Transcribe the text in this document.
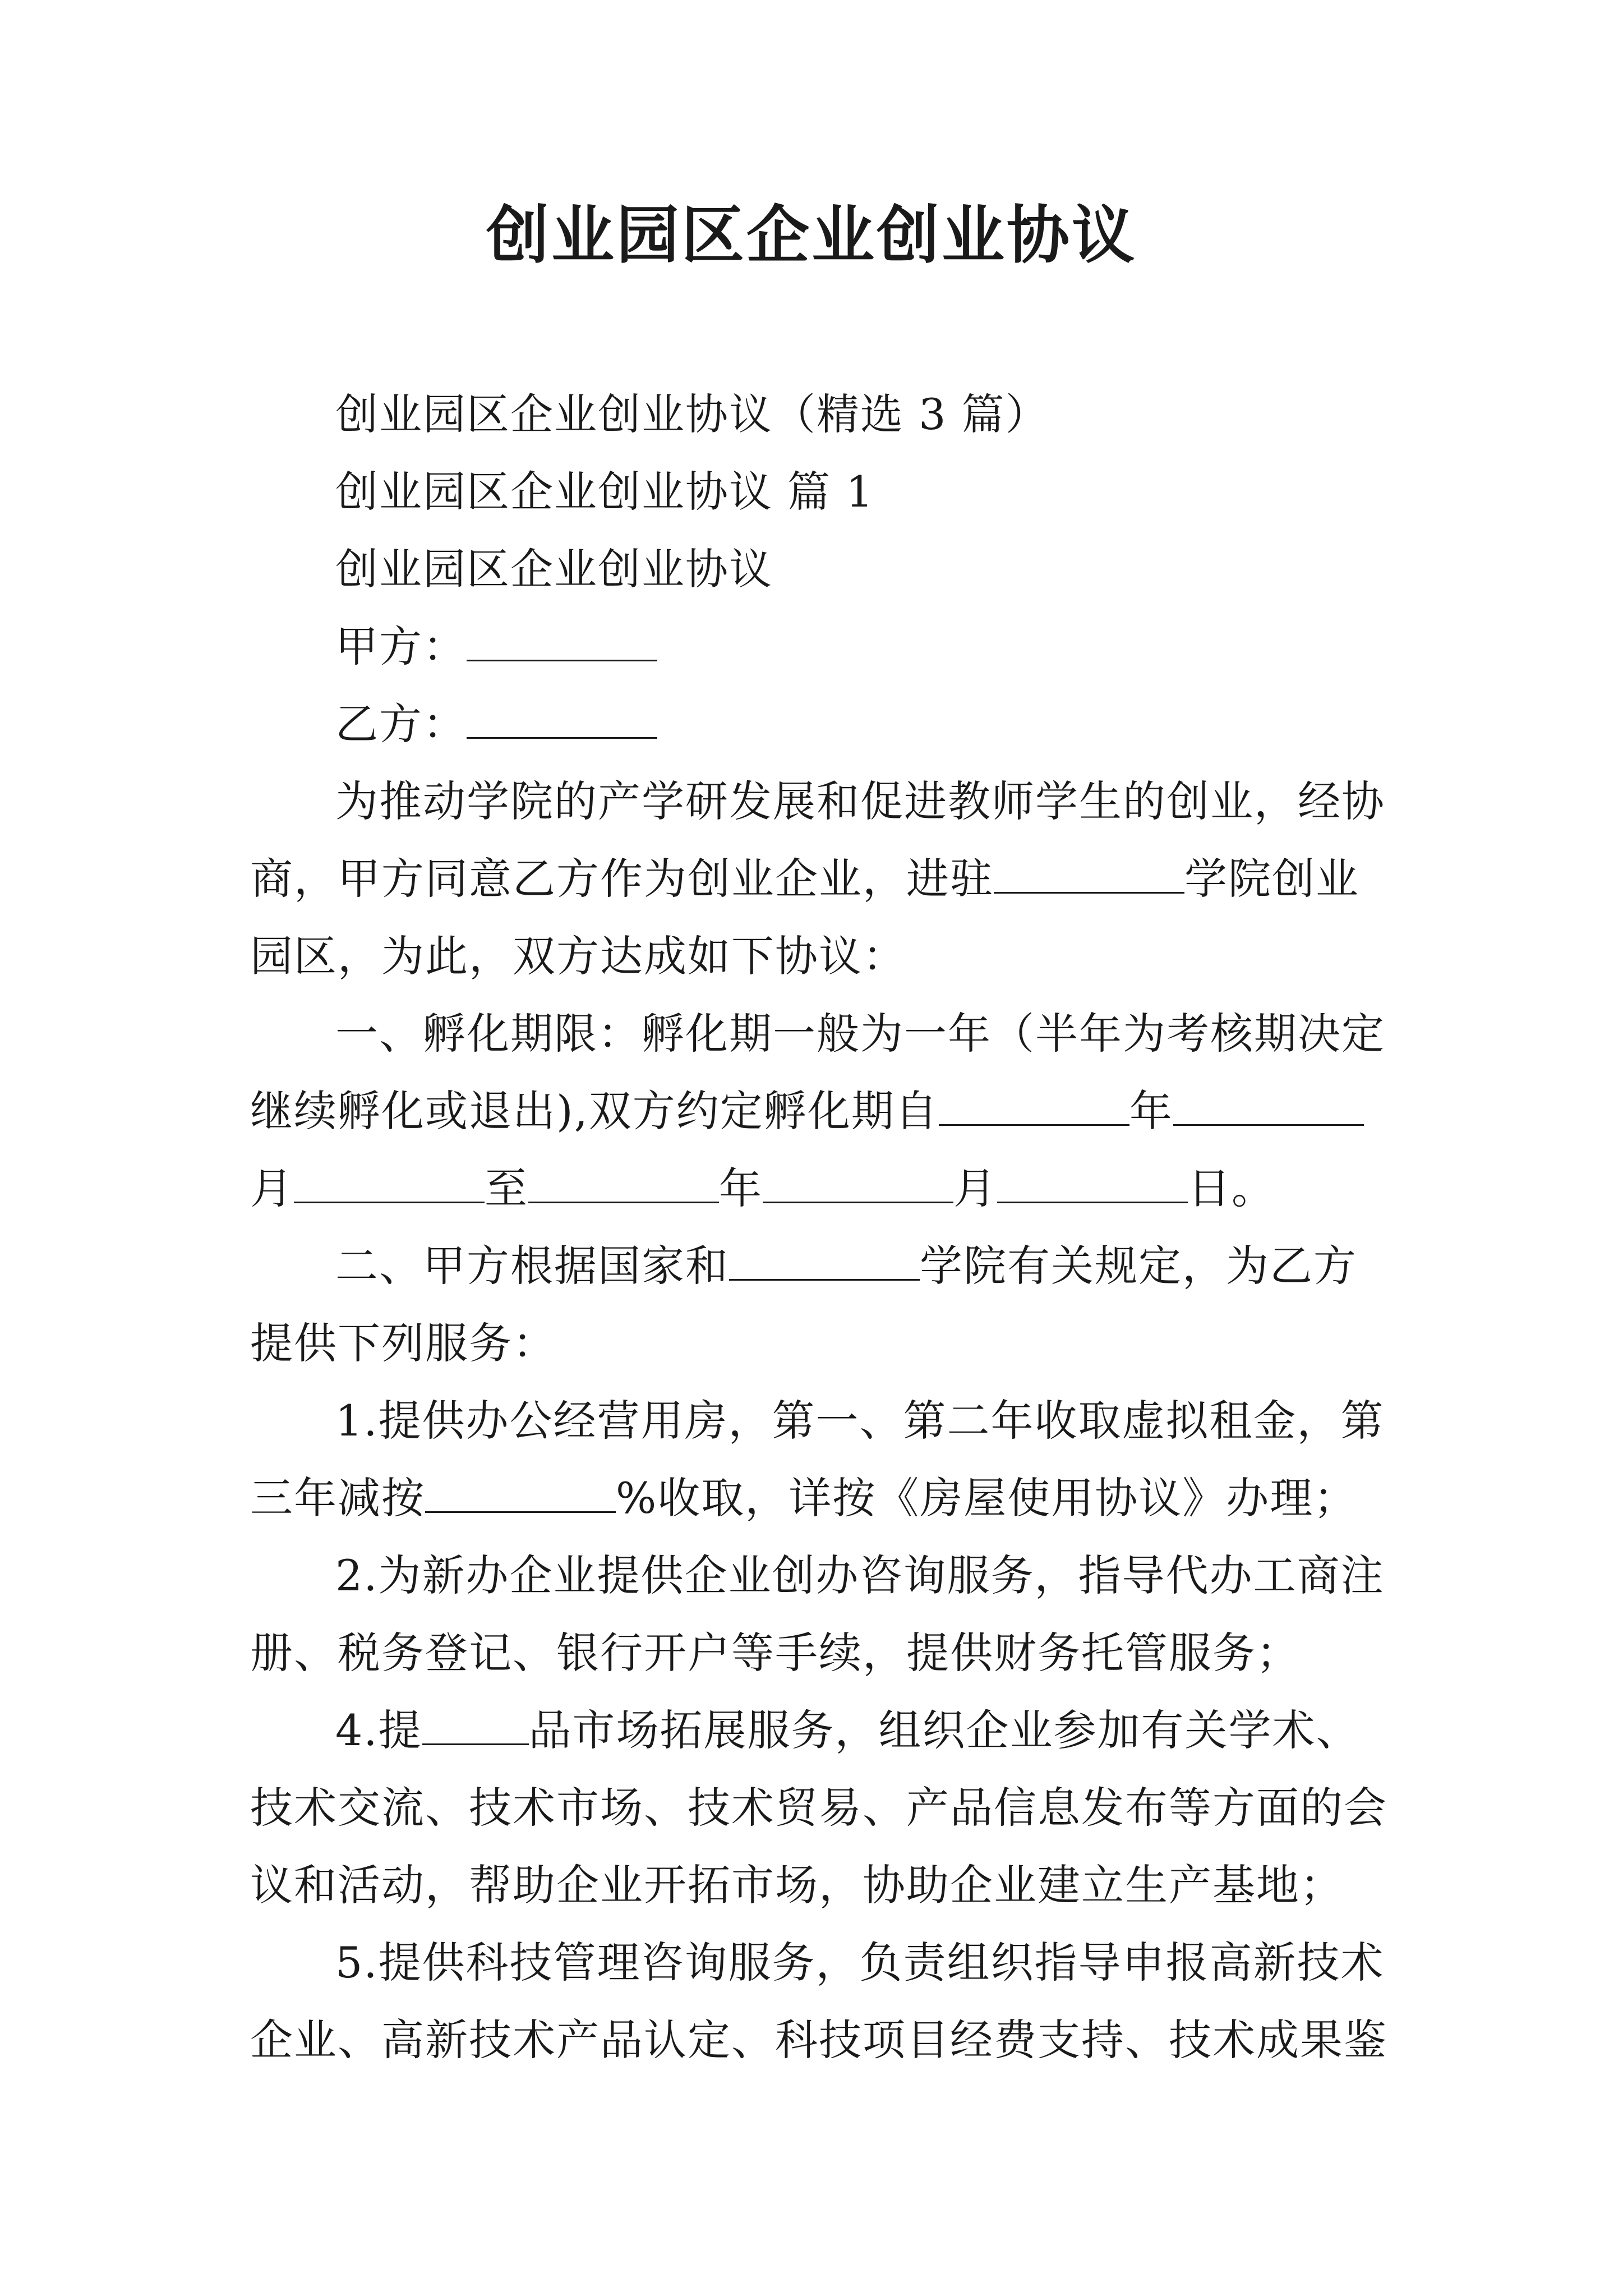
创业园区企业创业协议
创业园区企业创业协议（精选 3 篇）
创业园区企业创业协议 篇 1
创业园区企业创业协议
甲方：
乙方：
为推动学院的产学研发展和促进教师学生的创业，经协
商，甲方同意乙方作为创业企业，进驻	学院创业
园区，为此，双方达成如下协议：
一、孵化期限：孵化期一般为一年（半年为考核期决定
继续孵化或退出),双方约定孵化期自	年
月	至	年	月	日。
二、甲方根据国家和	学院有关规定，为乙方
提供下列服务：
1.提供办公经营用房，第一、第二年收取虚拟租金，第
三年减按	%收取，详按《房屋使用协议》办理；
2.为新办企业提供企业创办咨询服务，指导代办工商注
册、税务登记、银行开户等手续，提供财务托管服务；
4.提	品市场拓展服务，组织企业参加有关学术、
技术交流、技术市场、技术贸易、产品信息发布等方面的会
议和活动，帮助企业开拓市场，协助企业建立生产基地；
5.提供科技管理咨询服务，负责组织指导申报高新技术
企业、高新技术产品认定、科技项目经费支持、技术成果鉴
